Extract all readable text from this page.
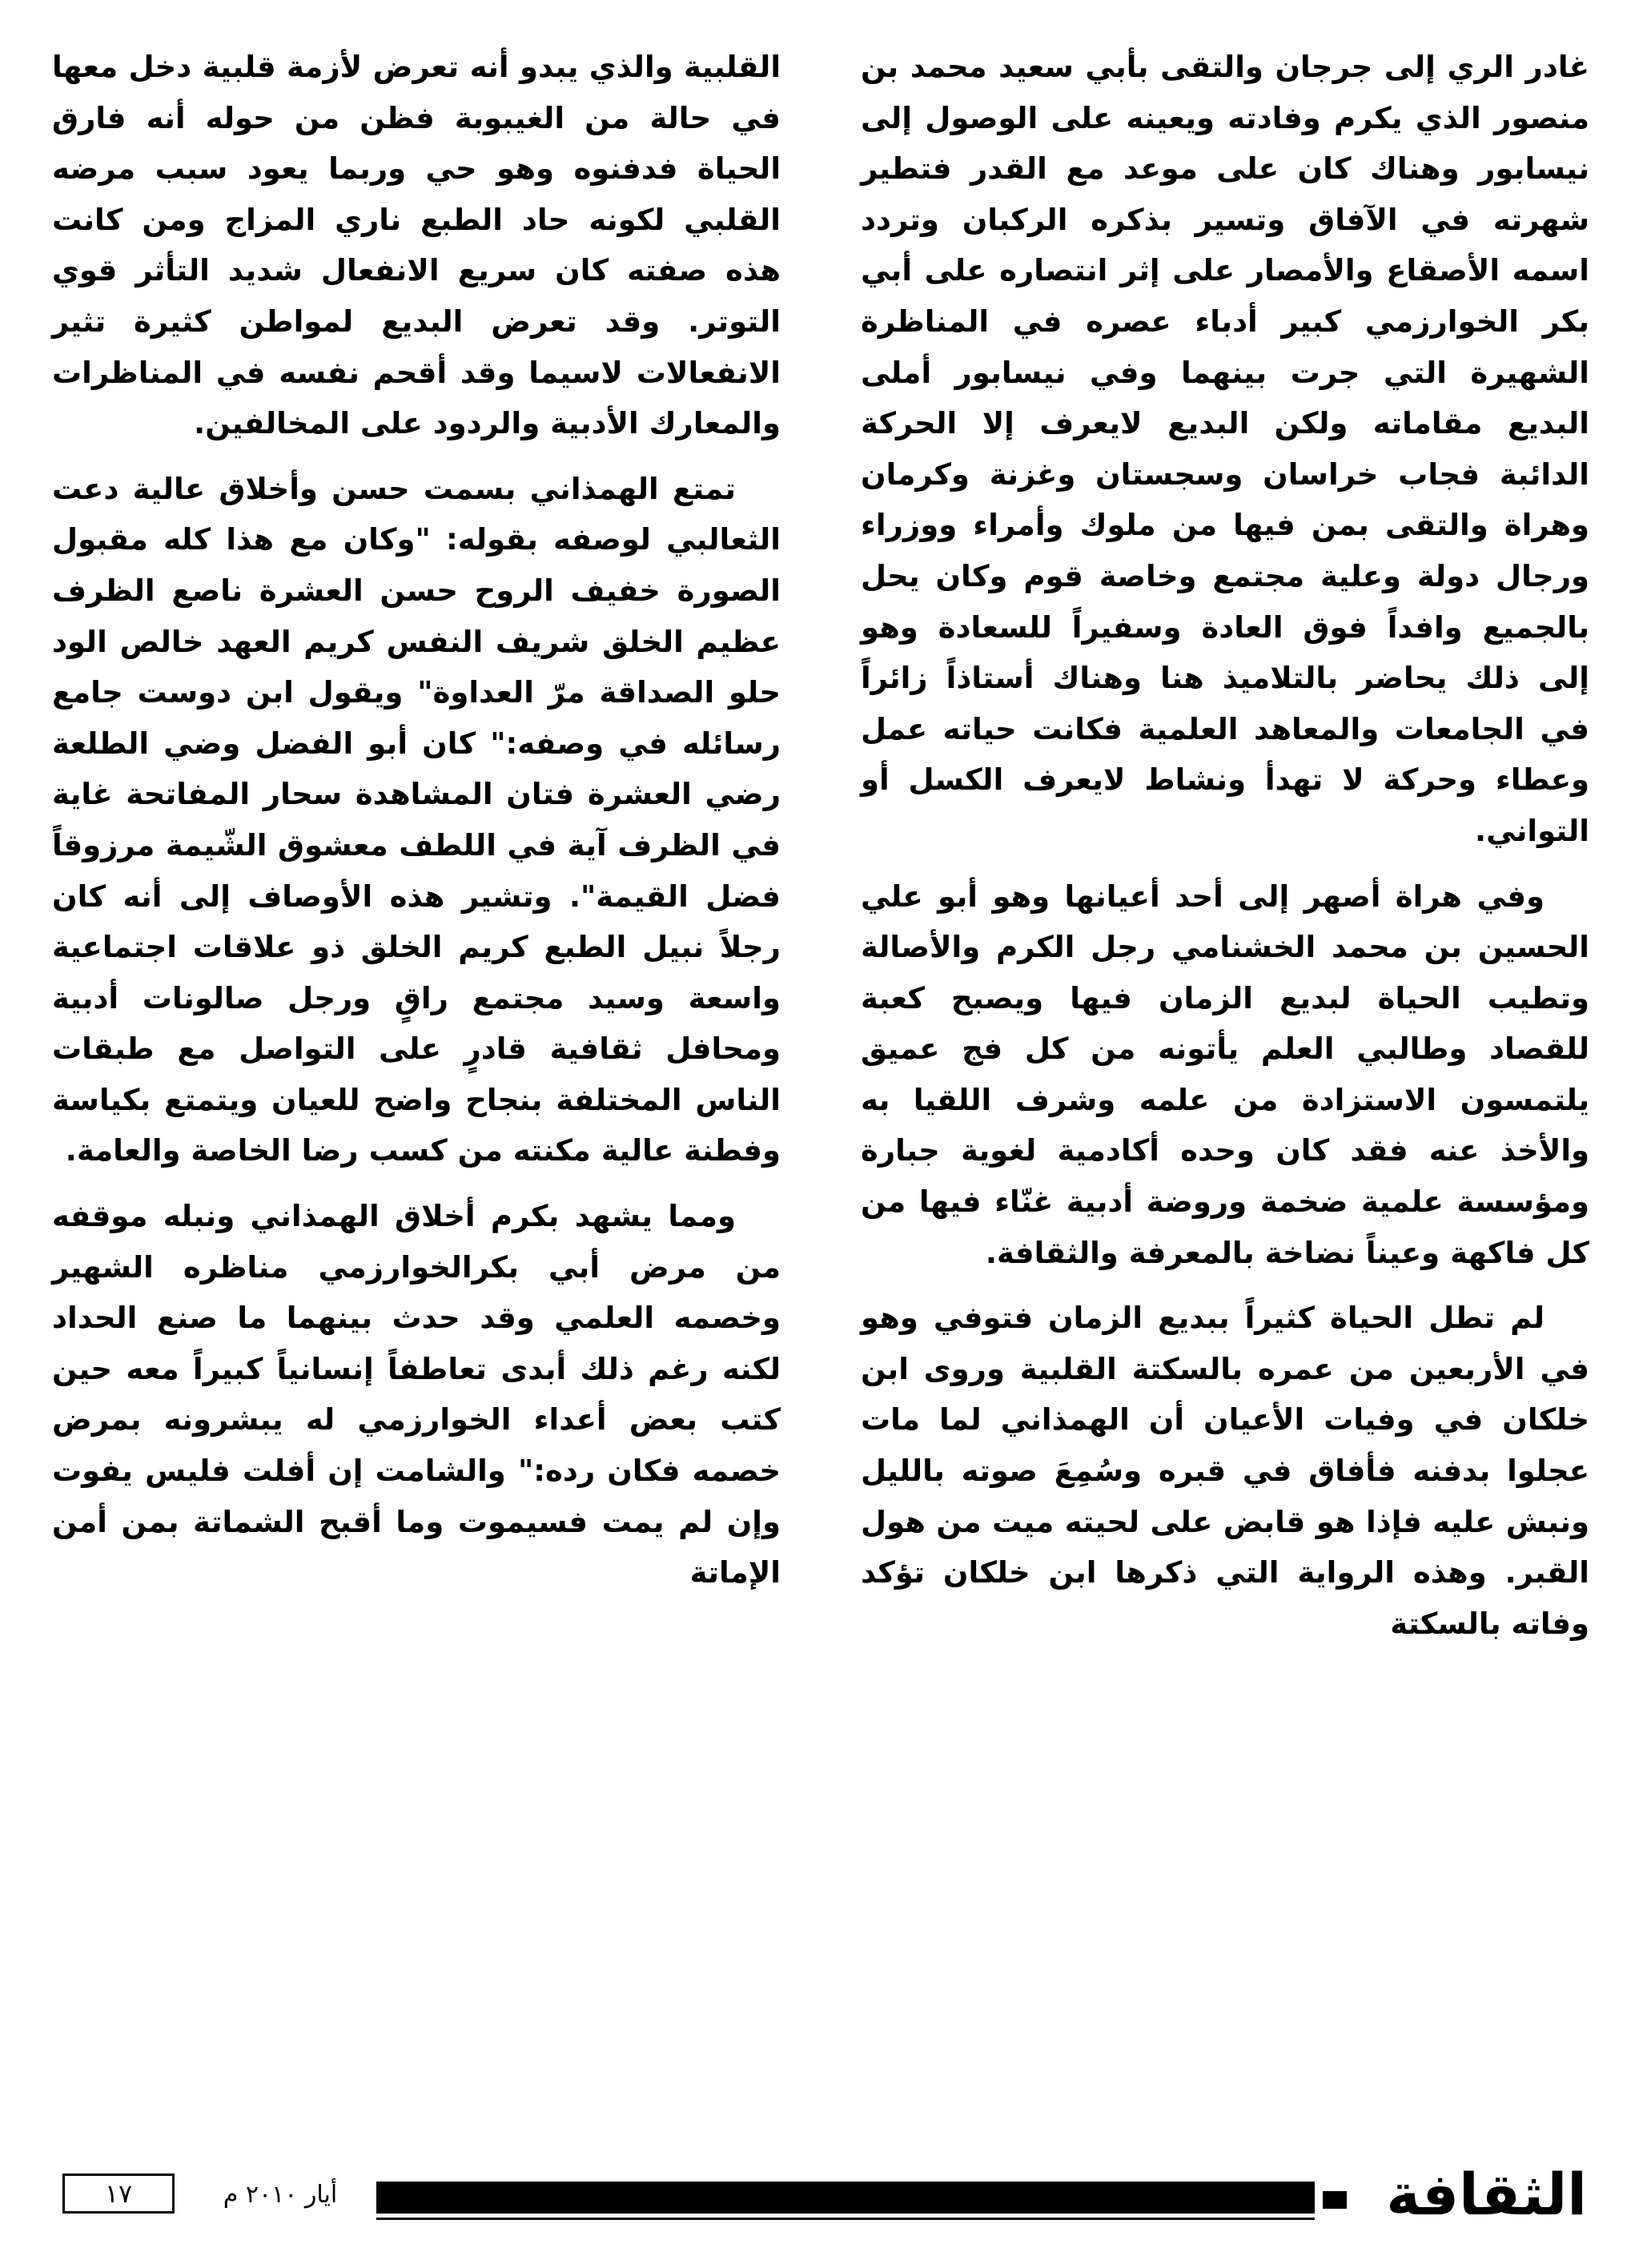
غادر الري إلى جرجان والتقى بأبي سعيد محمد بن منصور الذي يكرم وفادته ويعينه على الوصول إلى نيسابور وهناك كان على موعد مع القدر فتطير شهرته في الآفاق وتسير بذكره الركبان وتردد اسمه الأصقاع والأمصار على إثر انتصاره على أبي بكر الخوارزمي كبير أدباء عصره في المناظرة الشهيرة التي جرت بينهما وفي نيسابور أملى البديع مقاماته ولكن البديع لايعرف إلا الحركة الدائبة فجاب خراسان وسجستان وغزنة وكرمان وهراة والتقى بمن فيها من ملوك وأمراء ووزراء ورجال دولة وعلية مجتمع وخاصة قوم وكان يحل بالجميع وافداً فوق العادة وسفيراً للسعادة وهو إلى ذلك يحاضر بالتلاميذ هنا وهناك أستاذاً زائراً في الجامعات والمعاهد العلمية فكانت حياته عمل وعطاء وحركة لا تهدأ ونشاط لايعرف الكسل أو التواني.

وفي هراة أصهر إلى أحد أعيانها وهو أبو علي الحسين بن محمد الخشنامي رجل الكرم والأصالة وتطيب الحياة لبديع الزمان فيها ويصبح كعبة للقصاد وطالبي العلم يأتونه من كل فج عميق يلتمسون الاستزادة من علمه وشرف اللقيا به والأخذ عنه فقد كان وحده أكادمية لغوية جبارة ومؤسسة علمية ضخمة وروضة أدبية غنّاء فيها من كل فاكهة وعيناً نضاخة بالمعرفة والثقافة.

لم تطل الحياة كثيراً ببديع الزمان فتوفي وهو في الأربعين من عمره بالسكتة القلبية وروى ابن خلكان في وفيات الأعيان أن الهمذاني لما مات عجلوا بدفنه فأفاق في قبره وسُمِعَ صوته بالليل ونبش عليه فإذا هو قابض على لحيته ميت من هول القبر. وهذه الرواية التي ذكرها ابن خلكان تؤكد وفاته بالسكتة

القلبية والذي يبدو أنه تعرض لأزمة قلبية دخل معها في حالة من الغيبوبة فظن من حوله أنه فارق الحياة فدفنوه وهو حي وربما يعود سبب مرضه القلبي لكونه حاد الطبع ناري المزاج ومن كانت هذه صفته كان سريع الانفعال شديد التأثر قوي التوتر. وقد تعرض البديع لمواطن كثيرة تثير الانفعالات لاسيما وقد أقحم نفسه في المناظرات والمعارك الأدبية والردود على المخالفين.

تمتع الهمذاني بسمت حسن وأخلاق عالية دعت الثعالبي لوصفه بقوله: "وكان مع هذا كله مقبول الصورة خفيف الروح حسن العشرة ناصع الظرف عظيم الخلق شريف النفس كريم العهد خالص الود حلو الصداقة مرّ العداوة" ويقول ابن دوست جامع رسائله في وصفه:" كان أبو الفضل وضي الطلعة رضي العشرة فتان المشاهدة سحار المفاتحة غاية في الظرف آية في اللطف معشوق الشّيمة مرزوقاً فضل القيمة". وتشير هذه الأوصاف إلى أنه كان رجلاً نبيل الطبع كريم الخلق ذو علاقات اجتماعية واسعة وسيد مجتمع راقٍ ورجل صالونات أدبية ومحافل ثقافية قادرٍ على التواصل مع طبقات الناس المختلفة بنجاح واضح للعيان ويتمتع بكياسة وفطنة عالية مكنته من كسب رضا الخاصة والعامة.

ومما يشهد بكرم أخلاق الهمذاني ونبله موقفه من مرض أبي بكرالخوارزمي مناظره الشهير وخصمه العلمي وقد حدث بينهما ما صنع الحداد لكنه رغم ذلك أبدى تعاطفاً إنسانياً كبيراً معه حين كتب بعض أعداء الخوارزمي له يبشرونه بمرض خصمه فكان رده:" والشامت إن أفلت فليس يفوت وإن لم يمت فسيموت وما أقبح الشماتة بمن أمن الإماتة

الثقافة
أيار ٢٠١٠ م
١٧
